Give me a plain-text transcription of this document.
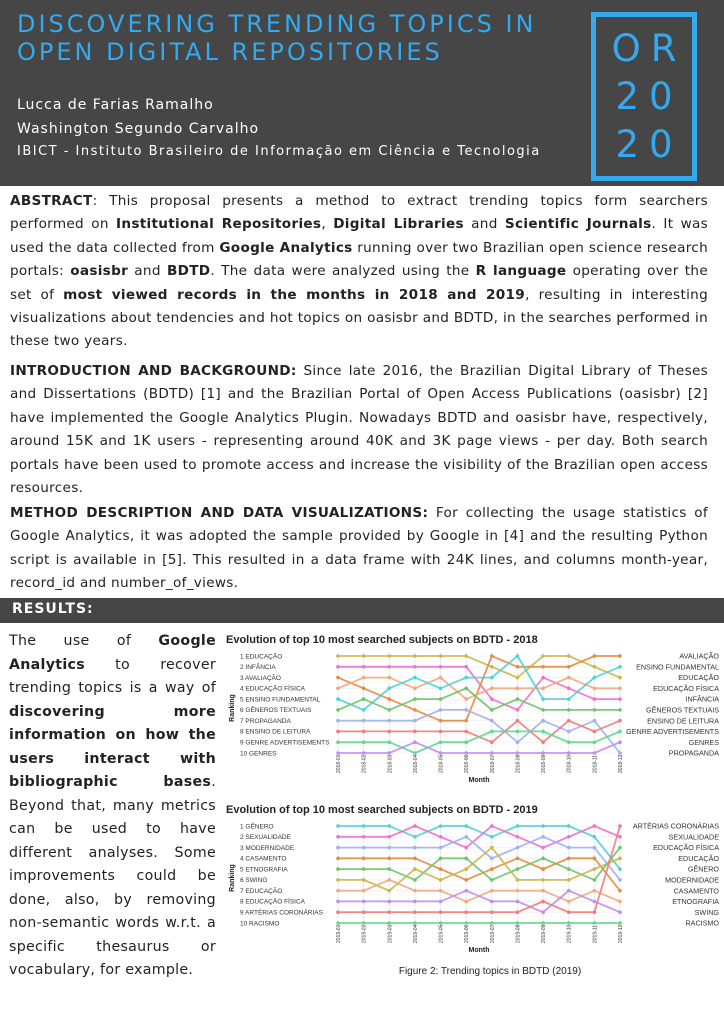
DISCOVERING TRENDING TOPICS IN OPEN DIGITAL REPOSITORIES
Lucca de Farias Ramalho
Washington Segundo Carvalho
IBICT - Instituto Brasileiro de Informação em Ciência e Tecnologia
OR
20
20

ABSTRACT: This proposal presents a method to extract trending topics form searchers performed on Institutional Repositories, Digital Libraries and Scientific Journals. It was used the data collected from Google Analytics running over two Brazilian open science research portals: oasisbr and BDTD. The data were analyzed using the R language operating over the set of most viewed records in the months in 2018 and 2019, resulting in interesting visualizations about tendencies and hot topics on oasisbr and BDTD, in the searches performed in these two years.

INTRODUCTION AND BACKGROUND: Since late 2016, the Brazilian Digital Library of Theses and Dissertations (BDTD) [1] and the Brazilian Portal of Open Access Publications (oasisbr) [2] have implemented the Google Analytics Plugin. Nowadays BDTD and oasisbr have, respectively, around 15K and 1K users - representing around 40K and 3K page views - per day. Both search portals have been used to promote access and increase the visibility of the Brazilian open access resources.

METHOD DESCRIPTION AND DATA VISUALIZATIONS: For collecting the usage statistics of Google Analytics, it was adopted the sample provided by Google in [4] and the resulting Python script is available in [5]. This resulted in a data frame with 24K lines, and columns month-year, record_id and number_of_views.

RESULTS:

The use of Google Analytics to recover trending topics is a way of discovering more information on how the users interact with bibliographic bases. Beyond that, many metrics can be used to have different analyses. Some improvements could be done, also, by removing non-semantic words w.r.t. a specific thesaurus or vocabulary, for example.

Evolution of top 10 most searched subjects on BDTD - 2018
Ranking
1 EDUCAÇÃO
2 INFÂNCIA
3 AVALIAÇÃO
4 EDUCAÇÃO FÍSICA
5 ENSINO FUNDAMENTAL
6 GÊNEROS TEXTUAIS
7 PROPAGANDA
8 ENSINO DE LEITURA
9 GENRE ADVERTISEMENTS
10 GENRES
2018-01	2018-02	2018-03	2018-04	2018-05	2018-06	2018-07	2018-08	2018-09	2018-10	2018-11	2018-12
Month
AVALIAÇÃO
ENSINO FUNDAMENTAL
EDUCAÇÃO
EDUCAÇÃO FÍSICA
INFÂNCIA
GÊNEROS TEXTUAIS
ENSINO DE LEITURA
GENRE ADVERTISEMENTS
GENRES
PROPAGANDA
Evolution of top 10 most searched subjects on BDTD - 2019
Ranking
1 GÊNERO
2 SEXUALIDADE
3 MODERNIDADE
4 CASAMENTO
5 ETNOGRAFIA
6 SWING
7 EDUCAÇÃO
8 EDUCAÇÃO FÍSICA
9 ARTÉRIAS CORONÁRIAS
10 RACISMO
2019-01	2019-02	2019-03	2019-04	2019-05	2019-06	2019-07	2019-08	2019-09	2019-10	2019-11	2019-12
Month
ARTÉRIAS CORONÁRIAS
SEXUALIDADE
EDUCAÇÃO FÍSICA
EDUCAÇÃO
GÊNERO
MODERNIDADE
CASAMENTO
ETNOGRAFIA
SWING
RACISMO
Figure 2: Trending topics in BDTD (2019)
